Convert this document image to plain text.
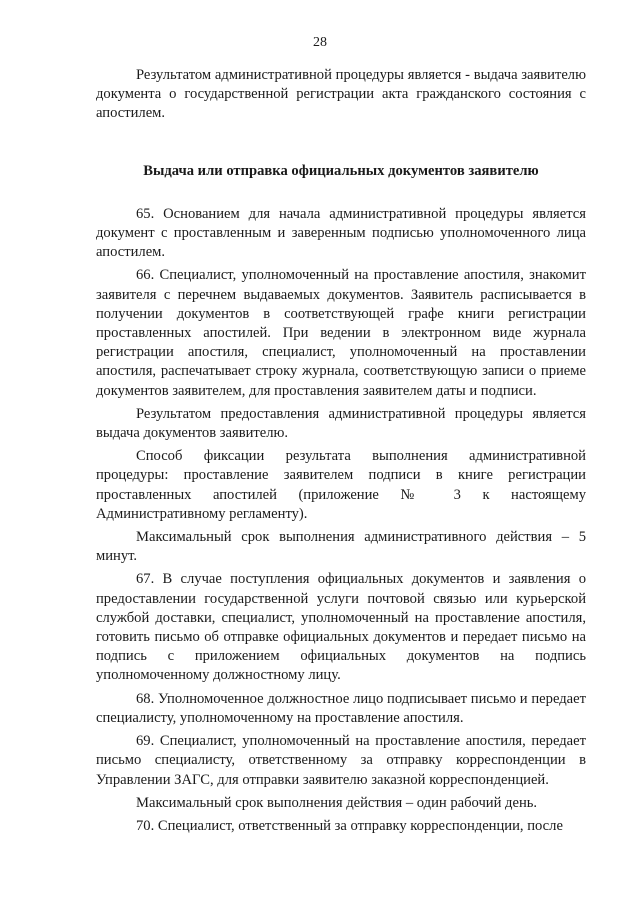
28

Результатом административной процедуры является - выдача заявителю документа о государственной регистрации акта гражданского состояния с апостилем.

Выдача или отправка официальных документов заявителю

65. Основанием для начала административной процедуры является документ с проставленным и заверенным подписью уполномоченного лица апостилем.

66. Специалист, уполномоченный на проставление апостиля, знакомит заявителя с перечнем выдаваемых документов. Заявитель расписывается в получении документов в соответствующей графе книги регистрации проставленных апостилей. При ведении в электронном виде журнала регистрации апостиля, специалист, уполномоченный на проставлении апостиля, распечатывает строку журнала, соответствующую записи о приеме документов заявителем, для проставления заявителем даты и подписи.

Результатом предоставления административной процедуры является выдача документов заявителю.

Способ фиксации результата выполнения административной процедуры: проставление заявителем подписи в книге регистрации проставленных апостилей (приложение № 3 к настоящему Административному регламенту).

Максимальный срок выполнения административного действия – 5 минут.

67. В случае поступления официальных документов и заявления о предоставлении государственной услуги почтовой связью или курьерской службой доставки, специалист, уполномоченный на проставление апостиля, готовить письмо об отправке официальных документов и передает письмо на подпись с приложением официальных документов на подпись уполномоченному должностному лицу.

68. Уполномоченное должностное лицо подписывает письмо и передает специалисту, уполномоченному на проставление апостиля.

69. Специалист, уполномоченный на проставление апостиля, передает письмо специалисту, ответственному за отправку корреспонденции в Управлении ЗАГС, для отправки заявителю заказной корреспонденцией.

Максимальный срок выполнения действия – один рабочий день.

70. Специалист, ответственный за отправку корреспонденции, после
